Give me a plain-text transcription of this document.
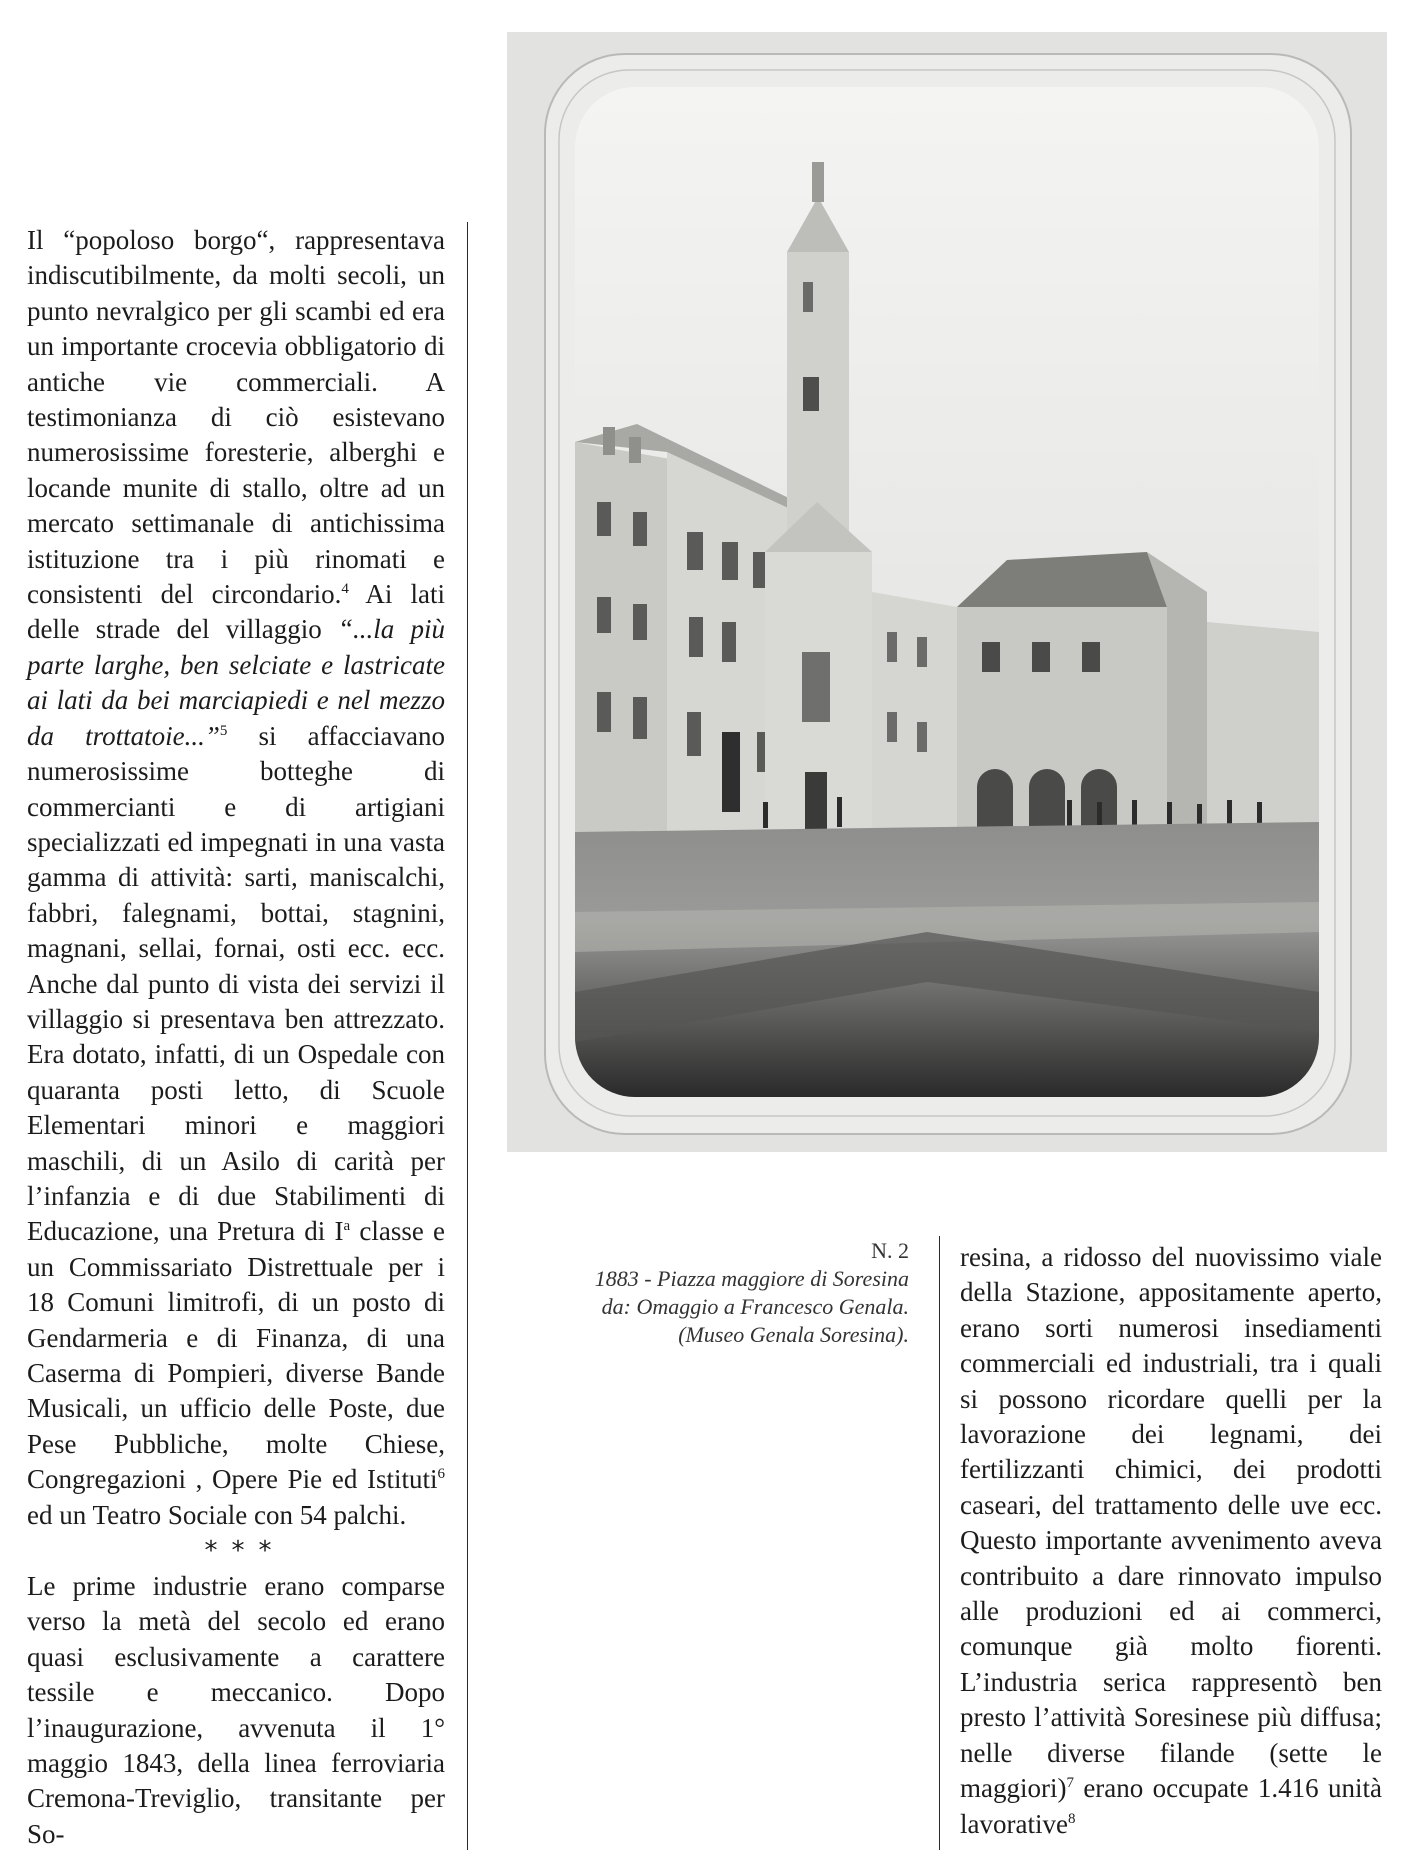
Il “popoloso borgo“, rappresentava indiscutibilmente, da molti secoli, un punto nevralgico per gli scambi ed era un importante crocevia obbligatorio di antiche vie commerciali. A testimonianza di ciò esistevano numerosissime foresterie, alberghi e locande munite di stallo, oltre ad un mercato settimanale di antichissima istituzione tra i più rinomati e consistenti del circondario.$^4$ Ai lati delle strade del villaggio “...la più parte larghe, ben selciate e lastricate ai lati da bei marciapiedi e nel mezzo da trottatoie...”$^5$ si affacciavano numerosissime botteghe di commercianti e di artigiani specializzati ed impegnati in una vasta gamma di attività: sarti, maniscalchi, fabbri, falegnami, bottai, stagnini, magnani, sellai, fornai, osti ecc. ecc. Anche dal punto di vista dei servizi il villaggio si presentava ben attrezzato. Era dotato, infatti, di un Ospedale con quaranta posti letto, di Scuole Elementari minori e maggiori maschili, di un Asilo di carità per l’infanzia e di due Stabilimenti di Educazione, una Pretura di $I^a$ classe e un Commissariato Distrettuale per i 18 Comuni limitrofi, di un posto di Gendarmeria e di Finanza, di una Caserma di Pompieri, diverse Bande Musicali, un ufficio delle Poste, due Pese Pubbliche, molte Chiese, Congregazioni , Opere Pie ed Istituti$^6$ ed un Teatro Sociale con 54 palchi.

***

Le prime industrie erano comparse verso la metà del secolo ed erano quasi esclusivamente a carattere tessile e meccanico. Dopo l’inaugurazione, avvenuta il 1° maggio 1843, della linea ferroviaria Cremona-Treviglio, transitante per So-

N. 2
1883 - Piazza maggiore di Soresina
da: Omaggio a Francesco Genala.
(Museo Genala Soresina).

resina, a ridosso del nuovissimo viale della Stazione, appositamente aperto, erano sorti numerosi insediamenti commerciali ed industriali, tra i quali si possono ricordare quelli per la lavorazione dei legnami, dei fertilizzanti chimici, dei prodotti caseari, del trattamento delle uve ecc. Questo importante avvenimento aveva contribuito a dare rinnovato impulso alle produzioni ed ai commerci, comunque già molto fiorenti. L’industria serica rappresentò ben presto l’attività Soresinese più diffusa; nelle diverse filande (sette le maggiori)$^7$ erano occupate 1.416 unità lavorative$^8$
